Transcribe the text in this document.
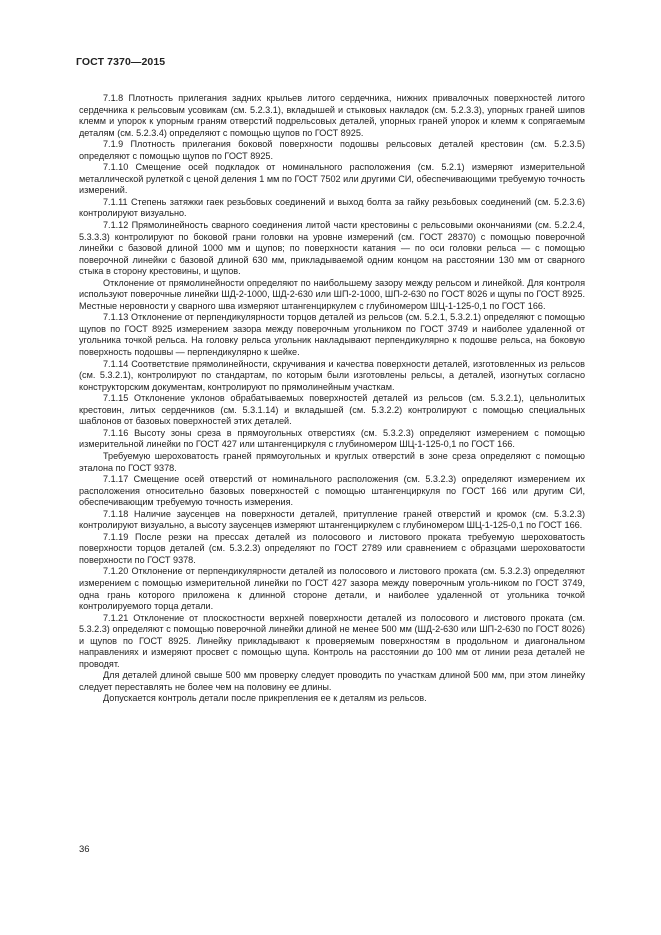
ГОСТ 7370—2015

7.1.8 Плотность прилегания задних крыльев литого сердечника, нижних привалочных поверхностей литого сердечника к рельсовым усовикам (см. 5.2.3.1), вкладышей и стыковых накладок (см. 5.2.3.3), упорных граней шипов клемм и упорок к упорным граням отверстий подрельсовых деталей, упорных граней упорок и клемм к сопрягаемым деталям (см. 5.2.3.4) определяют с помощью щупов по ГОСТ 8925.

7.1.9 Плотность прилегания боковой поверхности подошвы рельсовых деталей крестовин (см. 5.2.3.5) определяют с помощью щупов по ГОСТ 8925.

7.1.10 Смещение осей подкладок от номинального расположения (см. 5.2.1) измеряют измерительной металлической рулеткой с ценой деления 1 мм по ГОСТ 7502 или другими СИ, обеспечивающими требуемую точность измерений.

7.1.11 Степень затяжки гаек резьбовых соединений и выход болта за гайку резьбовых соединений (см. 5.2.3.6) контролируют визуально.

7.1.12 Прямолинейность сварного соединения литой части крестовины с рельсовыми окончаниями (см. 5.2.2.4, 5.3.3.3) контролируют по боковой грани головки на уровне измерений (см. ГОСТ 28370) с помощью поверочной линейки с базовой длиной 1000 мм и щупов; по поверхности катания — по оси головки рельса — с помощью поверочной линейки с базовой длиной 630 мм, прикладываемой одним концом на расстоянии 130 мм от сварного стыка в сторону крестовины, и щупов.

Отклонение от прямолинейности определяют по наибольшему зазору между рельсом и линейкой. Для контроля используют поверочные линейки ШД-2-1000, ШД-2-630 или ШП-2-1000, ШП-2-630 по ГОСТ 8026 и щупы по ГОСТ 8925. Местные неровности у сварного шва измеряют штангенциркулем с глубиномером ШЦ-1-125-0,1 по ГОСТ 166.

7.1.13 Отклонение от перпендикулярности торцов деталей из рельсов (см. 5.2.1, 5.3.2.1) определяют с помощью щупов по ГОСТ 8925 измерением зазора между поверочным угольником по ГОСТ 3749 и наиболее удаленной от угольника точкой рельса. На головку рельса угольник накладывают перпендикулярно к подошве рельса, на боковую поверхность подошвы — перпендикулярно к шейке.

7.1.14 Соответствие прямолинейности, скручивания и качества поверхности деталей, изготовленных из рельсов (см. 5.3.2.1), контролируют по стандартам, по которым были изготовлены рельсы, а деталей, изогнутых согласно конструкторским документам, контролируют по прямолинейным участкам.

7.1.15 Отклонение уклонов обрабатываемых поверхностей деталей из рельсов (см. 5.3.2.1), цельнолитых крестовин, литых сердечников (см. 5.3.1.14) и вкладышей (см. 5.3.2.2) контролируют с помощью специальных шаблонов от базовых поверхностей этих деталей.

7.1.16 Высоту зоны среза в прямоугольных отверстиях (см. 5.3.2.3) определяют измерением с помощью измерительной линейки по ГОСТ 427 или штангенциркуля с глубиномером ШЦ-1-125-0,1 по ГОСТ 166.

Требуемую шероховатость граней прямоугольных и круглых отверстий в зоне среза определяют с помощью эталона по ГОСТ 9378.

7.1.17 Смещение осей отверстий от номинального расположения (см. 5.3.2.3) определяют измерением их расположения относительно базовых поверхностей с помощью штангенциркуля по ГОСТ 166 или другим СИ, обеспечивающим требуемую точность измерения.

7.1.18 Наличие заусенцев на поверхности деталей, притупление граней отверстий и кромок (см. 5.3.2.3) контролируют визуально, а высоту заусенцев измеряют штангенциркулем с глубиномером ШЦ-1-125-0,1 по ГОСТ 166.

7.1.19 После резки на прессах деталей из полосового и листового проката требуемую шероховатость поверхности торцов деталей (см. 5.3.2.3) определяют по ГОСТ 2789 или сравнением с образцами шероховатости поверхности по ГОСТ 9378.

7.1.20 Отклонение от перпендикулярности деталей из полосового и листового проката (см. 5.3.2.3) определяют измерением с помощью измерительной линейки по ГОСТ 427 зазора между поверочным уголь-ником по ГОСТ 3749, одна грань которого приложена к длинной стороне детали, и наиболее удаленной от угольника точкой контролируемого торца детали.

7.1.21 Отклонение от плоскостности верхней поверхности деталей из полосового и листового проката (см. 5.3.2.3) определяют с помощью поверочной линейки длиной не менее 500 мм (ШД-2-630 или ШП-2-630 по ГОСТ 8026) и щупов по ГОСТ 8925. Линейку прикладывают к проверяемым поверхностям в продольном и диагональном направлениях и измеряют просвет с помощью щупа. Контроль на расстоянии до 100 мм от линии реза деталей не проводят.

Для деталей длиной свыше 500 мм проверку следует проводить по участкам длиной 500 мм, при этом линейку следует переставлять не более чем на половину ее длины.

Допускается контроль детали после прикрепления ее к деталям из рельсов.

36
